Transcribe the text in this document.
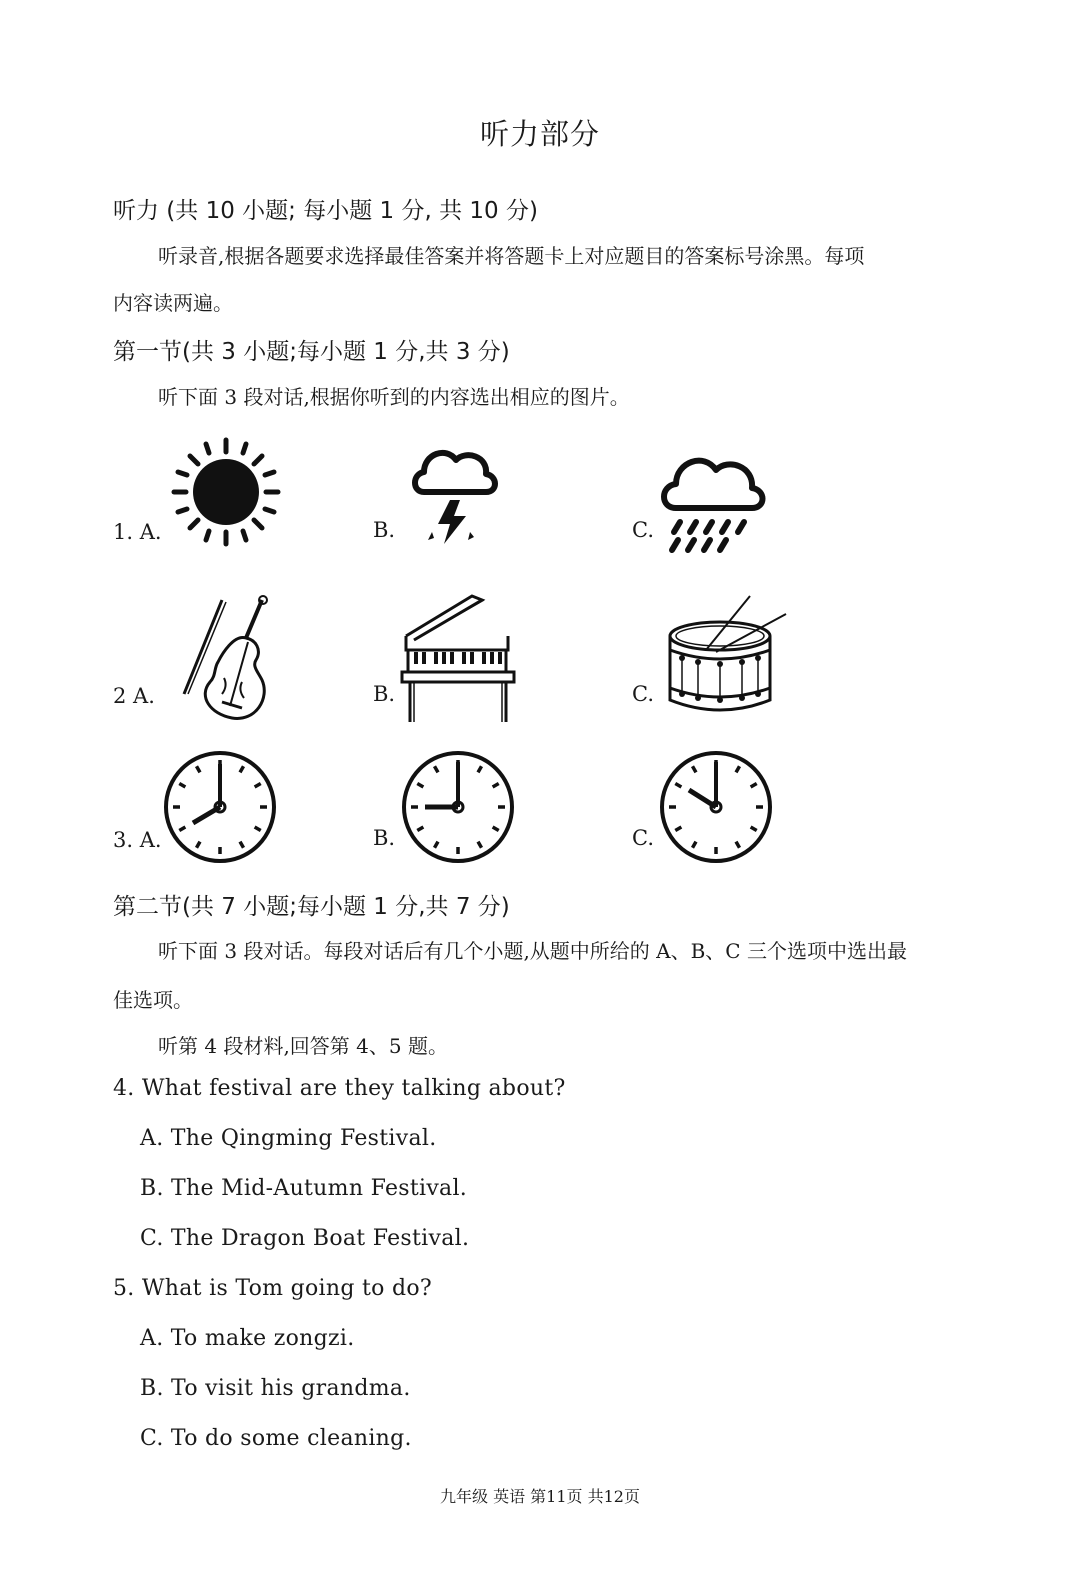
听力部分
听力 (共 10 小题; 每小题 1 分, 共 10 分)
听录音,根据各题要求选择最佳答案并将答题卡上对应题目的答案标号涂黑。每项
内容读两遍。
第一节(共 3 小题;每小题 1 分,共 3 分)
听下面 3 段对话,根据你听到的内容选出相应的图片。
1. A.	B.	C.
2 A.	B.	C.
3. A.	B.	C.
第二节(共 7 小题;每小题 1 分,共 7 分)
听下面 3 段对话。每段对话后有几个小题,从题中所给的 A、B、C 三个选项中选出最
佳选项。
听第 4 段材料,回答第 4、5 题。
4. What festival are they talking about?
A. The Qingming Festival.
B. The Mid-Autumn Festival.
C. The Dragon Boat Festival.
5. What is Tom going to do?
A. To make zongzi.
B. To visit his grandma.
C. To do some cleaning.
九年级 英语 第11页 共12页
